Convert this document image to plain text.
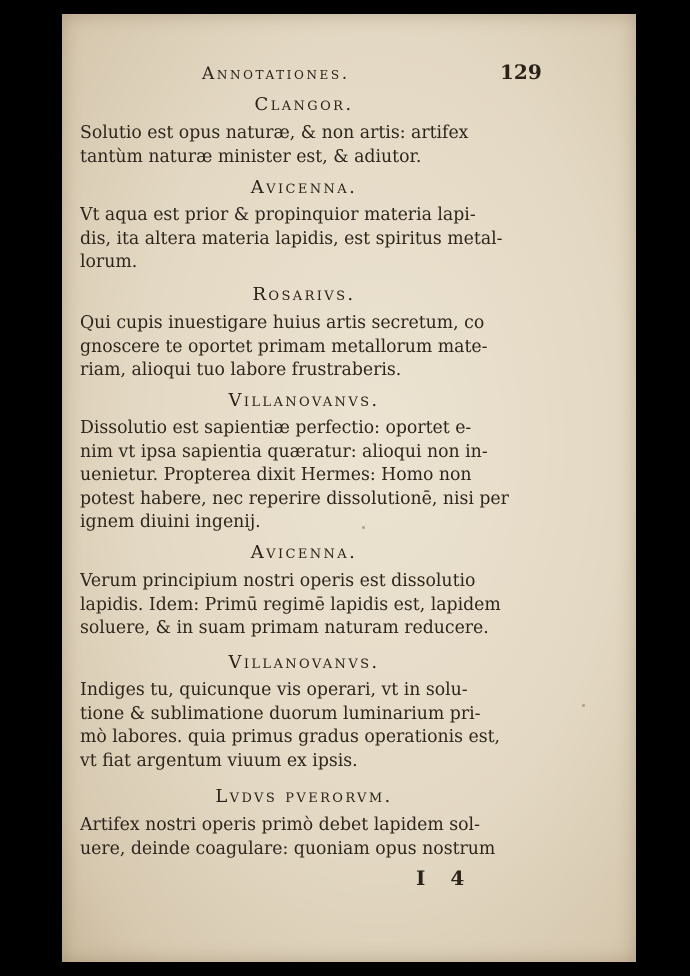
Annotationes.	129
Clangor.
Solutio est opus naturæ, & non artis: artifex
tantùm naturæ minister est, & adiutor.
Avicenna.
Vt aqua est prior & propinquior materia lapi-
dis, ita altera materia lapidis, est spiritus metal-
lorum.
Rosarivs.
Qui cupis inuestigare huius artis secretum, co
gnoscere te oportet primam metallorum mate-
riam, alioqui tuo labore frustraberis.
Villanovanvs.
Dissolutio est sapientiæ perfectio: oportet e-
nim vt ipsa sapientia quæratur: alioqui non in-
uenietur. Propterea dixit Hermes: Homo non
potest habere, nec reperire dissolutionē, nisi per
ignem diuini ingenij.
Avicenna.
Verum principium nostri operis est dissolutio
lapidis. Idem: Primū regimē lapidis est, lapidem
soluere, & in suam primam naturam reducere.
Villanovanvs.
Indiges tu, quicunque vis operari, vt in solu-
tione & sublimatione duorum luminarium pri-
mò labores. quia primus gradus operationis est,
vt fiat argentum viuum ex ipsis.
Lvdvs pverorvm.
Artifex nostri operis primò debet lapidem sol-
uere, deinde coagulare: quoniam opus nostrum
I 4
